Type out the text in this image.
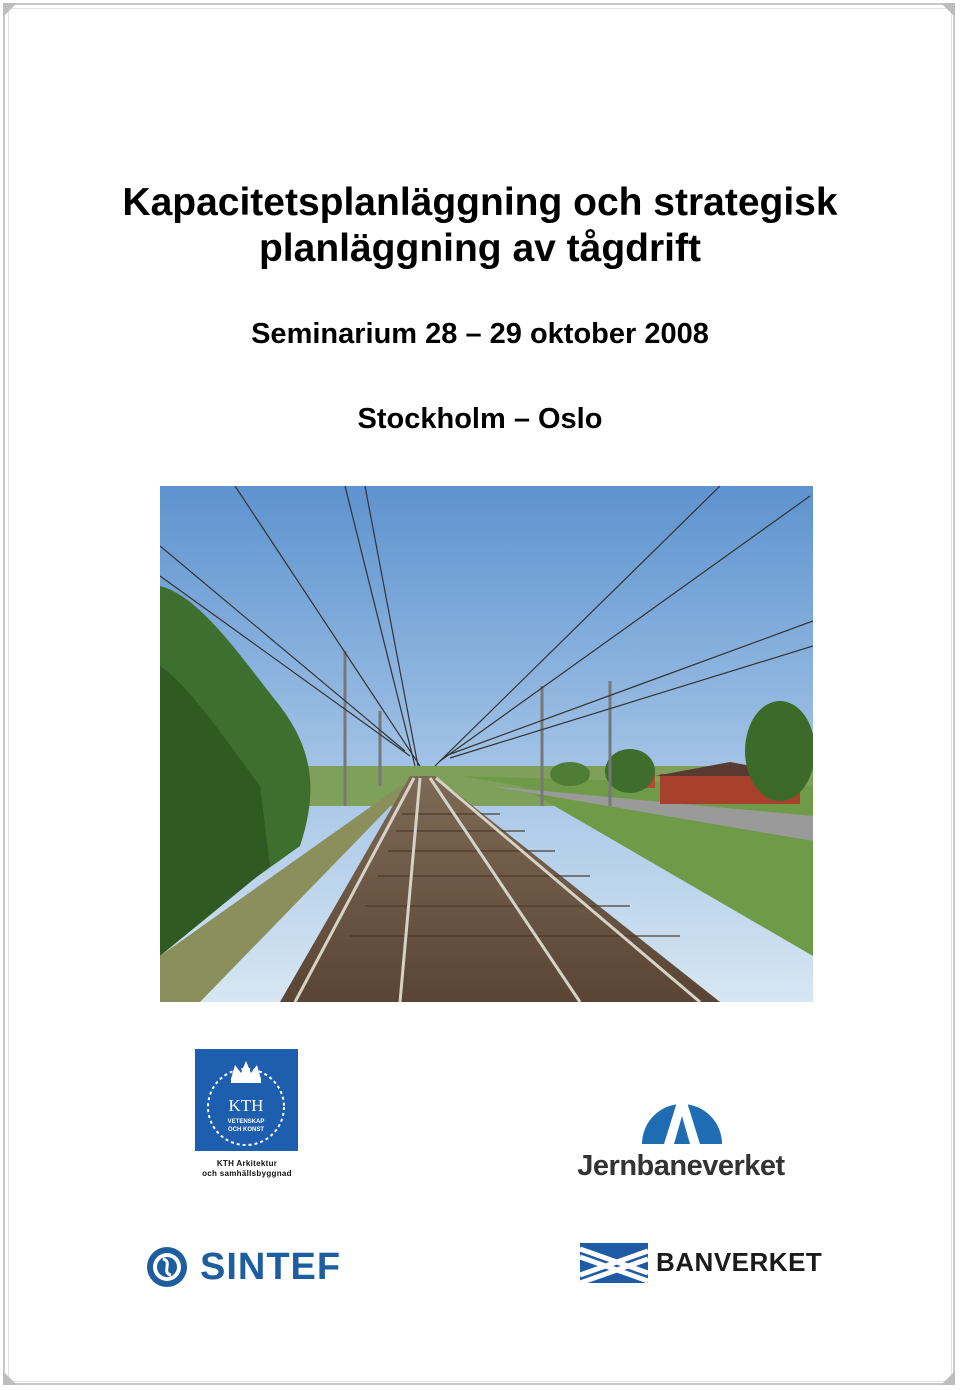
Kapacitetsplanläggning och strategisk
planläggning av tågdrift

Seminarium 28 – 29 oktober 2008

Stockholm – Oslo

KTH
VETENSKAP
OCH KONST
KTH Arkitektur
och samhällsbyggnad	Jernbaneverket
SINTEF	BANVERKET
